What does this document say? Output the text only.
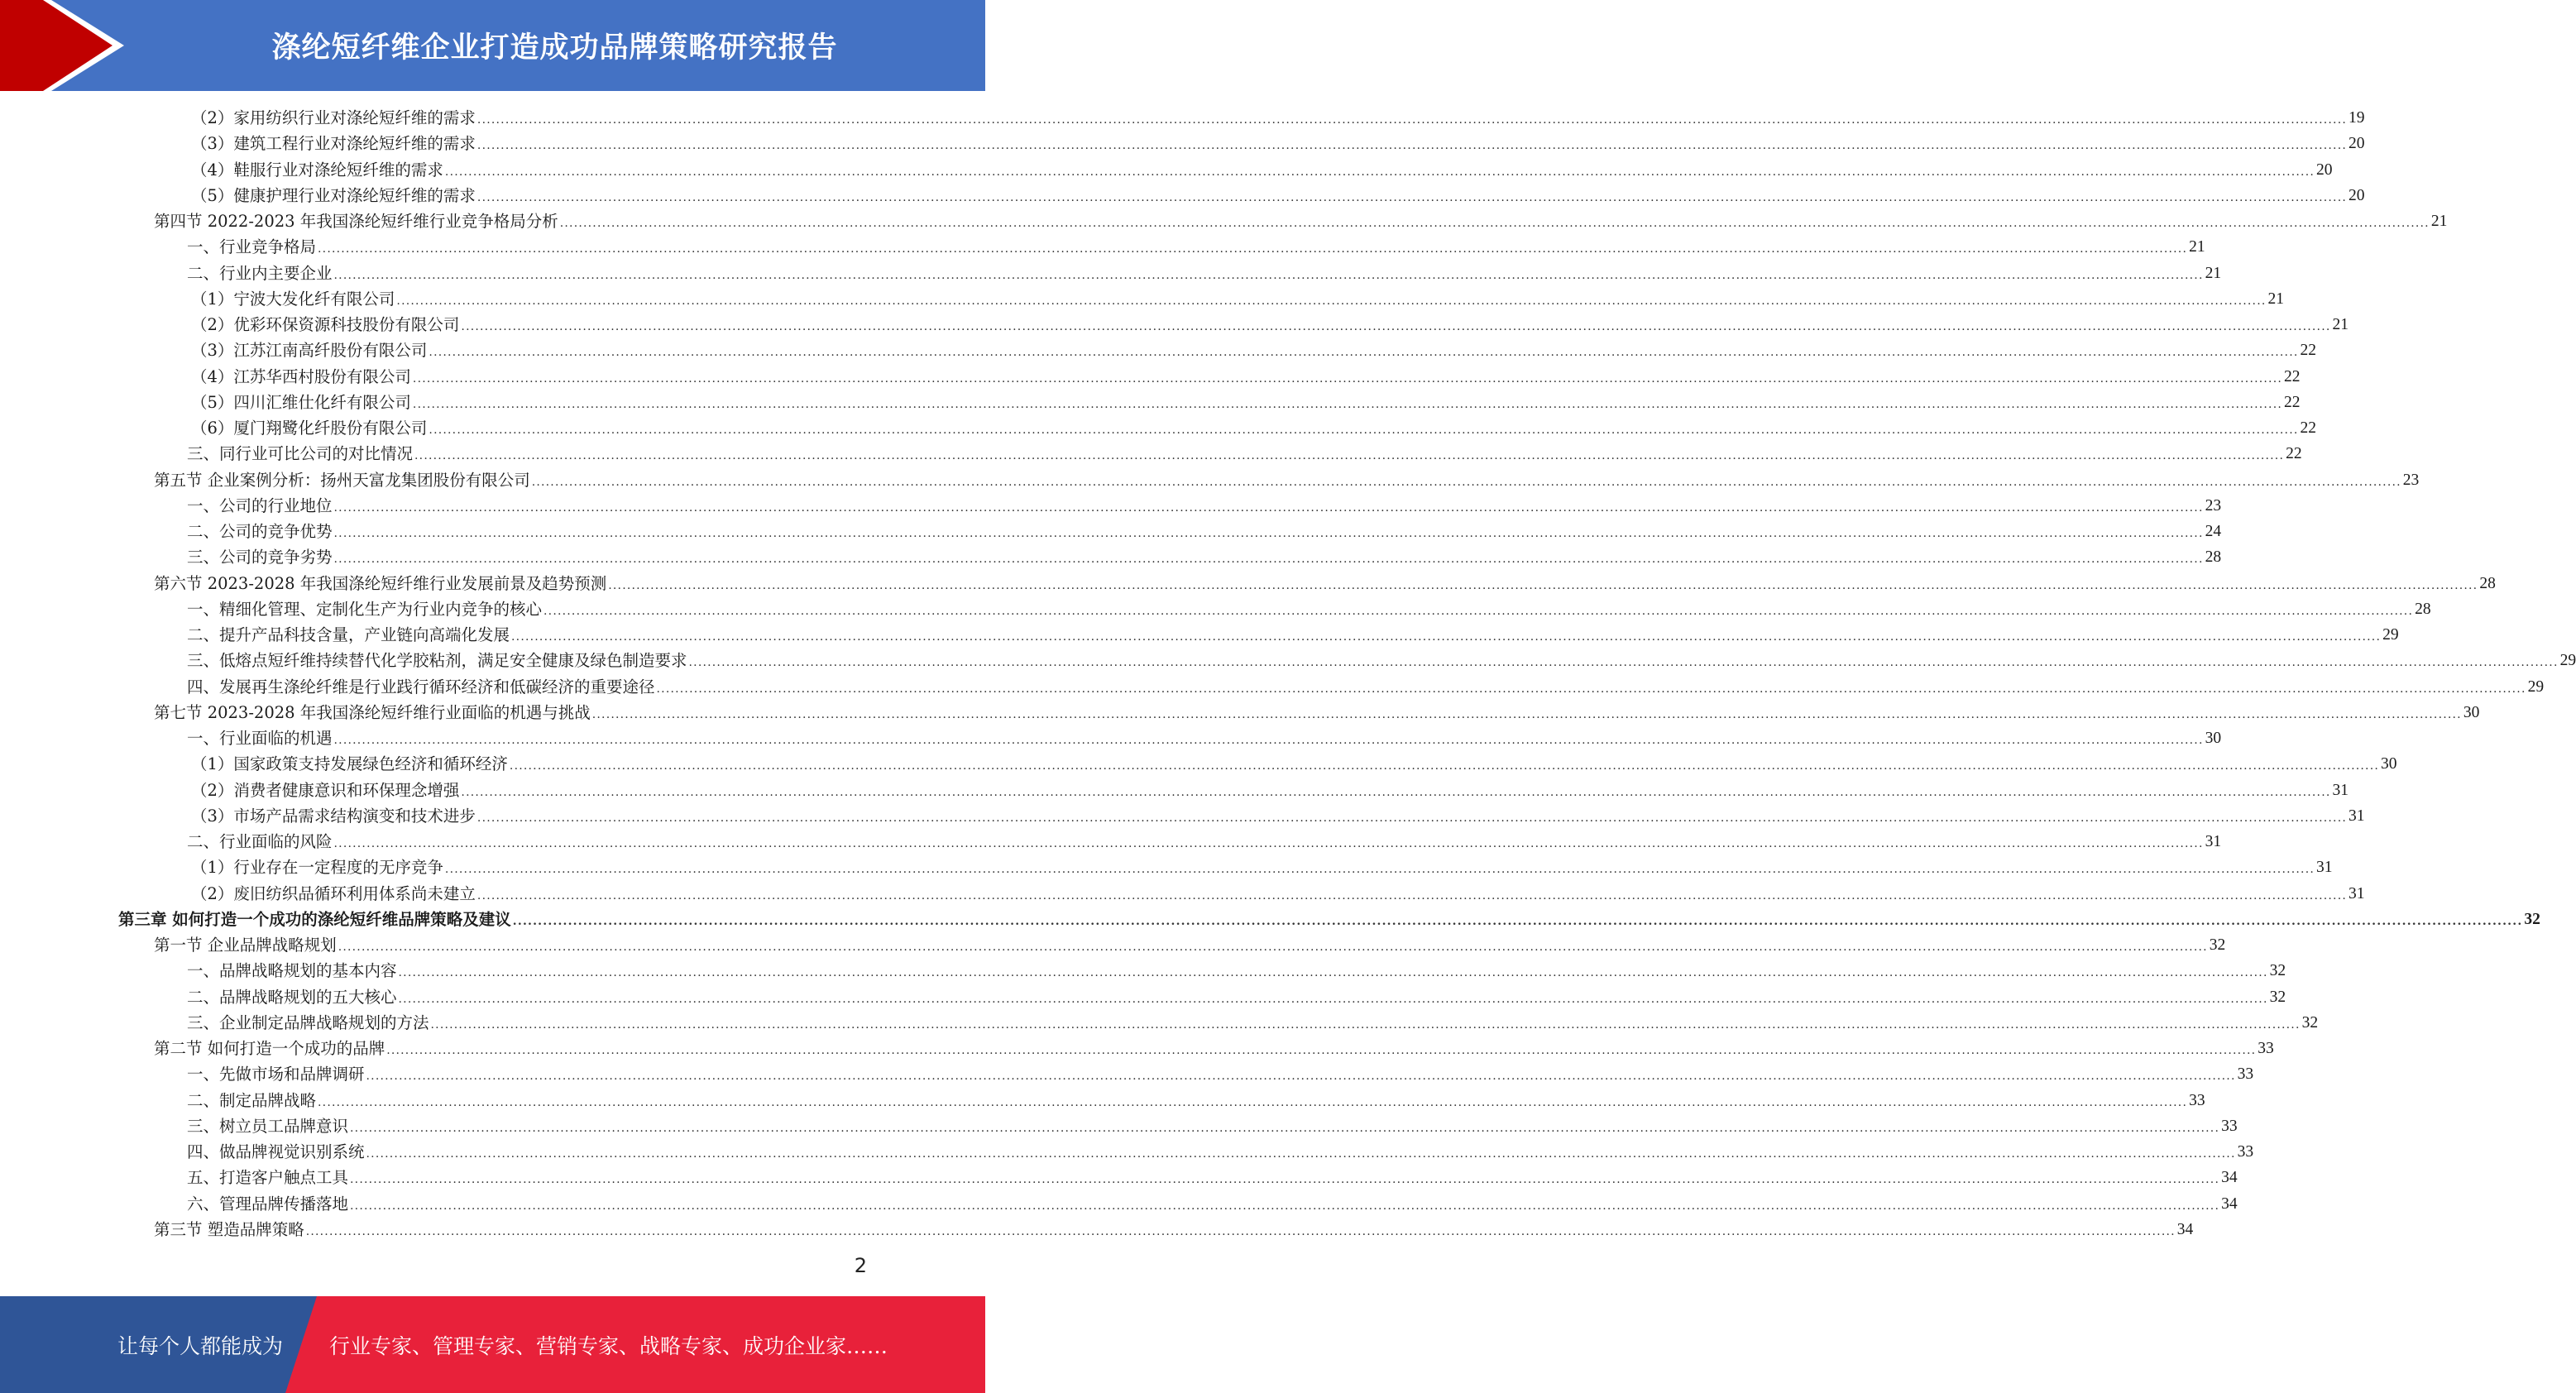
涤纶短纤维企业打造成功品牌策略研究报告
（2）家用纺织行业对涤纶短纤维的需求 ................................................................................................................................................................................................................................................................................................................................................................................................................ 19
（3）建筑工程行业对涤纶短纤维的需求 ................................................................................................................................................................................................................................................................................................................................................................................................................ 20
（4）鞋服行业对涤纶短纤维的需求 ................................................................................................................................................................................................................................................................................................................................................................................................................ 20
（5）健康护理行业对涤纶短纤维的需求 ................................................................................................................................................................................................................................................................................................................................................................................................................ 20
第四节 2022-2023 年我国涤纶短纤维行业竞争格局分析 ................................................................................................................................................................................................................................................................................................................................................................................................................ 21
一、行业竞争格局 ................................................................................................................................................................................................................................................................................................................................................................................................................ 21
二、行业内主要企业 ................................................................................................................................................................................................................................................................................................................................................................................................................ 21
（1）宁波大发化纤有限公司 ................................................................................................................................................................................................................................................................................................................................................................................................................ 21
（2）优彩环保资源科技股份有限公司 ................................................................................................................................................................................................................................................................................................................................................................................................................ 21
（3）江苏江南高纤股份有限公司 ................................................................................................................................................................................................................................................................................................................................................................................................................ 22
（4）江苏华西村股份有限公司 ................................................................................................................................................................................................................................................................................................................................................................................................................ 22
（5）四川汇维仕化纤有限公司 ................................................................................................................................................................................................................................................................................................................................................................................................................ 22
（6）厦门翔鹭化纤股份有限公司 ................................................................................................................................................................................................................................................................................................................................................................................................................ 22
三、同行业可比公司的对比情况 ................................................................................................................................................................................................................................................................................................................................................................................................................ 22
第五节 企业案例分析：扬州天富龙集团股份有限公司 ................................................................................................................................................................................................................................................................................................................................................................................................................ 23
一、公司的行业地位 ................................................................................................................................................................................................................................................................................................................................................................................................................ 23
二、公司的竞争优势 ................................................................................................................................................................................................................................................................................................................................................................................................................ 24
三、公司的竞争劣势 ................................................................................................................................................................................................................................................................................................................................................................................................................ 28
第六节 2023-2028 年我国涤纶短纤维行业发展前景及趋势预测 ................................................................................................................................................................................................................................................................................................................................................................................................................ 28
一、精细化管理、定制化生产为行业内竞争的核心 ................................................................................................................................................................................................................................................................................................................................................................................................................ 28
二、提升产品科技含量，产业链向高端化发展 ................................................................................................................................................................................................................................................................................................................................................................................................................ 29
三、低熔点短纤维持续替代化学胶粘剂，满足安全健康及绿色制造要求 ................................................................................................................................................................................................................................................................................................................................................................................................................ 29
四、发展再生涤纶纤维是行业践行循环经济和低碳经济的重要途径 ................................................................................................................................................................................................................................................................................................................................................................................................................ 29
第七节 2023-2028 年我国涤纶短纤维行业面临的机遇与挑战 ................................................................................................................................................................................................................................................................................................................................................................................................................ 30
一、行业面临的机遇 ................................................................................................................................................................................................................................................................................................................................................................................................................ 30
（1）国家政策支持发展绿色经济和循环经济 ................................................................................................................................................................................................................................................................................................................................................................................................................ 30
（2）消费者健康意识和环保理念增强 ................................................................................................................................................................................................................................................................................................................................................................................................................ 31
（3）市场产品需求结构演变和技术进步 ................................................................................................................................................................................................................................................................................................................................................................................................................ 31
二、行业面临的风险 ................................................................................................................................................................................................................................................................................................................................................................................................................ 31
（1）行业存在一定程度的无序竞争 ................................................................................................................................................................................................................................................................................................................................................................................................................ 31
（2）废旧纺织品循环利用体系尚未建立 ................................................................................................................................................................................................................................................................................................................................................................................................................ 31
第三章 如何打造一个成功的涤纶短纤维品牌策略及建议 ................................................................................................................................................................................................................................................................................................................................................................................................................ 32
第一节 企业品牌战略规划 ................................................................................................................................................................................................................................................................................................................................................................................................................ 32
一、品牌战略规划的基本内容 ................................................................................................................................................................................................................................................................................................................................................................................................................ 32
二、品牌战略规划的五大核心 ................................................................................................................................................................................................................................................................................................................................................................................................................ 32
三、企业制定品牌战略规划的方法 ................................................................................................................................................................................................................................................................................................................................................................................................................ 32
第二节 如何打造一个成功的品牌 ................................................................................................................................................................................................................................................................................................................................................................................................................ 33
一、先做市场和品牌调研 ................................................................................................................................................................................................................................................................................................................................................................................................................ 33
二、制定品牌战略 ................................................................................................................................................................................................................................................................................................................................................................................................................ 33
三、树立员工品牌意识 ................................................................................................................................................................................................................................................................................................................................................................................................................ 33
四、做品牌视觉识别系统 ................................................................................................................................................................................................................................................................................................................................................................................................................ 33
五、打造客户触点工具 ................................................................................................................................................................................................................................................................................................................................................................................................................ 34
六、管理品牌传播落地 ................................................................................................................................................................................................................................................................................................................................................................................................................ 34
第三节 塑造品牌策略 ................................................................................................................................................................................................................................................................................................................................................................................................................ 34
2
让每个人都能成为 行业专家、管理专家、营销专家、战略专家、成功企业家……
